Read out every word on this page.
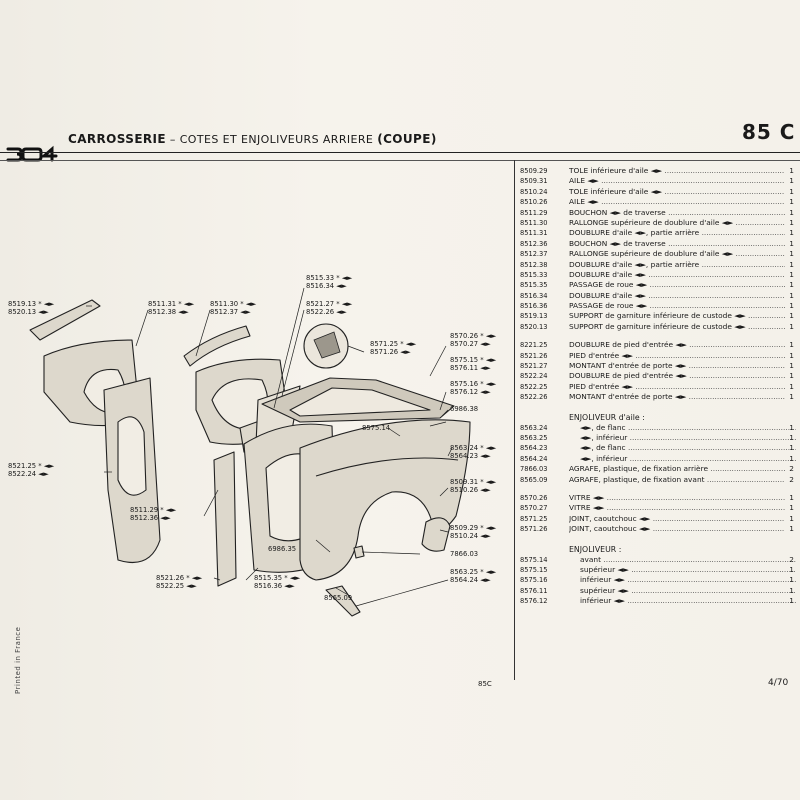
CARROSSERIE – COTES ET ENJOLIVEURS ARRIERE (COUPE)	85 C
8519.13 * ◄►
8520.13 ◄►
8511.31 * ◄►
8512.38 ◄►
8511.30 * ◄►
8512.37 ◄►
8515.33 * ◄►
8516.34 ◄►
8521.27 * ◄►
8522.26 ◄►
8571.25 * ◄►
8571.26 ◄►
8570.26 * ◄►
8570.27 ◄►
8575.15 * ◄►
8576.11 ◄►
8575.16 * ◄►
8576.12 ◄►
6986.38
8575.14
8563.24 * ◄►
8564.23 ◄►
8509.31 * ◄►
8510.26 ◄►
8521.25 * ◄►
8522.24 ◄►
8511.29 * ◄►
8512.36 ◄►
8509.29 * ◄►
8510.24 ◄►
6986.35
7866.03
8563.25 * ◄►
8564.24 ◄►
8521.26 * ◄►
8522.25 ◄►
8515.35 * ◄►
8516.36 ◄►
8565.09
8509.29	TOLE inférieure d'aile ◄► .....	1
8509.31	AILE ◄► .....	1
8510.24	TOLE inférieure d'aile ◄► .....	1
8510.26	AILE ◄► .....	1
8511.29	BOUCHON ◄► de traverse .....	1
8511.30	RALLONGE supérieure de doublure d'aile ◄► .....	1
8511.31	DOUBLURE d'aile ◄►, partie arrière .....	1
8512.36	BOUCHON ◄► de traverse .....	1
8512.37	RALLONGE supérieure de doublure d'aile ◄► .....	1
8512.38	DOUBLURE d'aile ◄►, partie arrière .....	1
8515.33	DOUBLURE d'aile ◄► .....	1
8515.35	PASSAGE de roue ◄► .....	1
8516.34	DOUBLURE d'aile ◄► .....	1
8516.36	PASSAGE de roue ◄► .....	1
8519.13	SUPPORT de garniture inférieure de custode ◄► .....	1
8520.13	SUPPORT de garniture inférieure de custode ◄► .....	1
8221.25	DOUBLURE de pied d'entrée ◄► .....	1
8521.26	PIED d'entrée ◄► .....	1
8521.27	MONTANT d'entrée de porte ◄► .....	1
8522.24	DOUBLURE de pied d'entrée ◄► .....	1
8522.25	PIED d'entrée ◄► .....	1
8522.26	MONTANT d'entrée de porte ◄► .....	1
ENJOLIVEUR d'aile :
8563.24	◄►, de flanc .....	1
8563.25	◄►, inférieur .....	1
8564.23	◄►, de flanc .....	1
8564.24	◄►, inférieur .....	1
7866.03	AGRAFE, plastique, de fixation arrière .....	2
8565.09	AGRAFE, plastique, de fixation avant .....	2
8570.26	VITRE ◄► .....	1
8570.27	VITRE ◄► .....	1
8571.25	JOINT, caoutchouc ◄► .....	1
8571.26	JOINT, caoutchouc ◄► .....	1
ENJOLIVEUR :
8575.14	avant .....	2
8575.15	supérieur ◄► .....	1
8575.16	inférieur ◄► .....	1
8576.11	supérieur ◄► .....	1
8576.12	inférieur ◄► .....	1
Printed in France	85C	4/70
